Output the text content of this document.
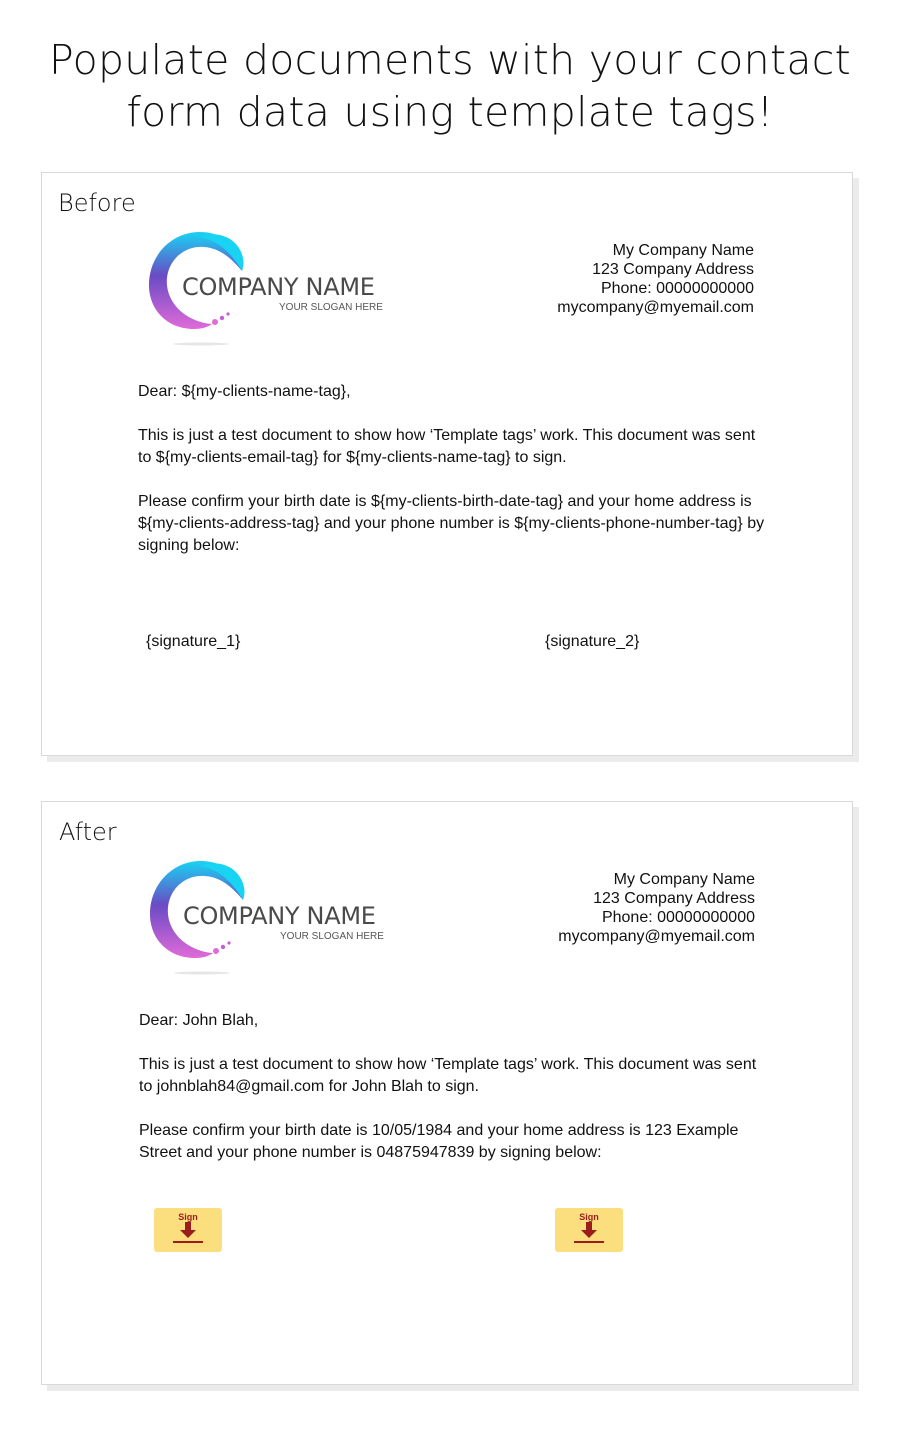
Populate documents with your contact
form data using template tags!
Before
COMPANY NAME
YOUR SLOGAN HERE
My Company Name
123 Company Address
Phone: 00000000000
mycompany@myemail.com

Dear: ${my-clients-name-tag},

This is just a test document to show how ‘Template tags’ work. This document was sent to ${my-clients-email-tag} for ${my-clients-name-tag} to sign.

Please confirm your birth date is ${my-clients-birth-date-tag} and your home address is ${my-clients-address-tag} and your phone number is ${my-clients-phone-number-tag} by signing below:

{signature_1}	{signature_2}
After
COMPANY NAME
YOUR SLOGAN HERE
My Company Name
123 Company Address
Phone: 00000000000
mycompany@myemail.com

Dear: John Blah,

This is just a test document to show how ‘Template tags’ work. This document was sent to johnblah84@gmail.com for John Blah to sign.

Please confirm your birth date is 10/05/1984 and your home address is 123 Example Street and your phone number is 04875947839 by signing below:

Sign	Sign
